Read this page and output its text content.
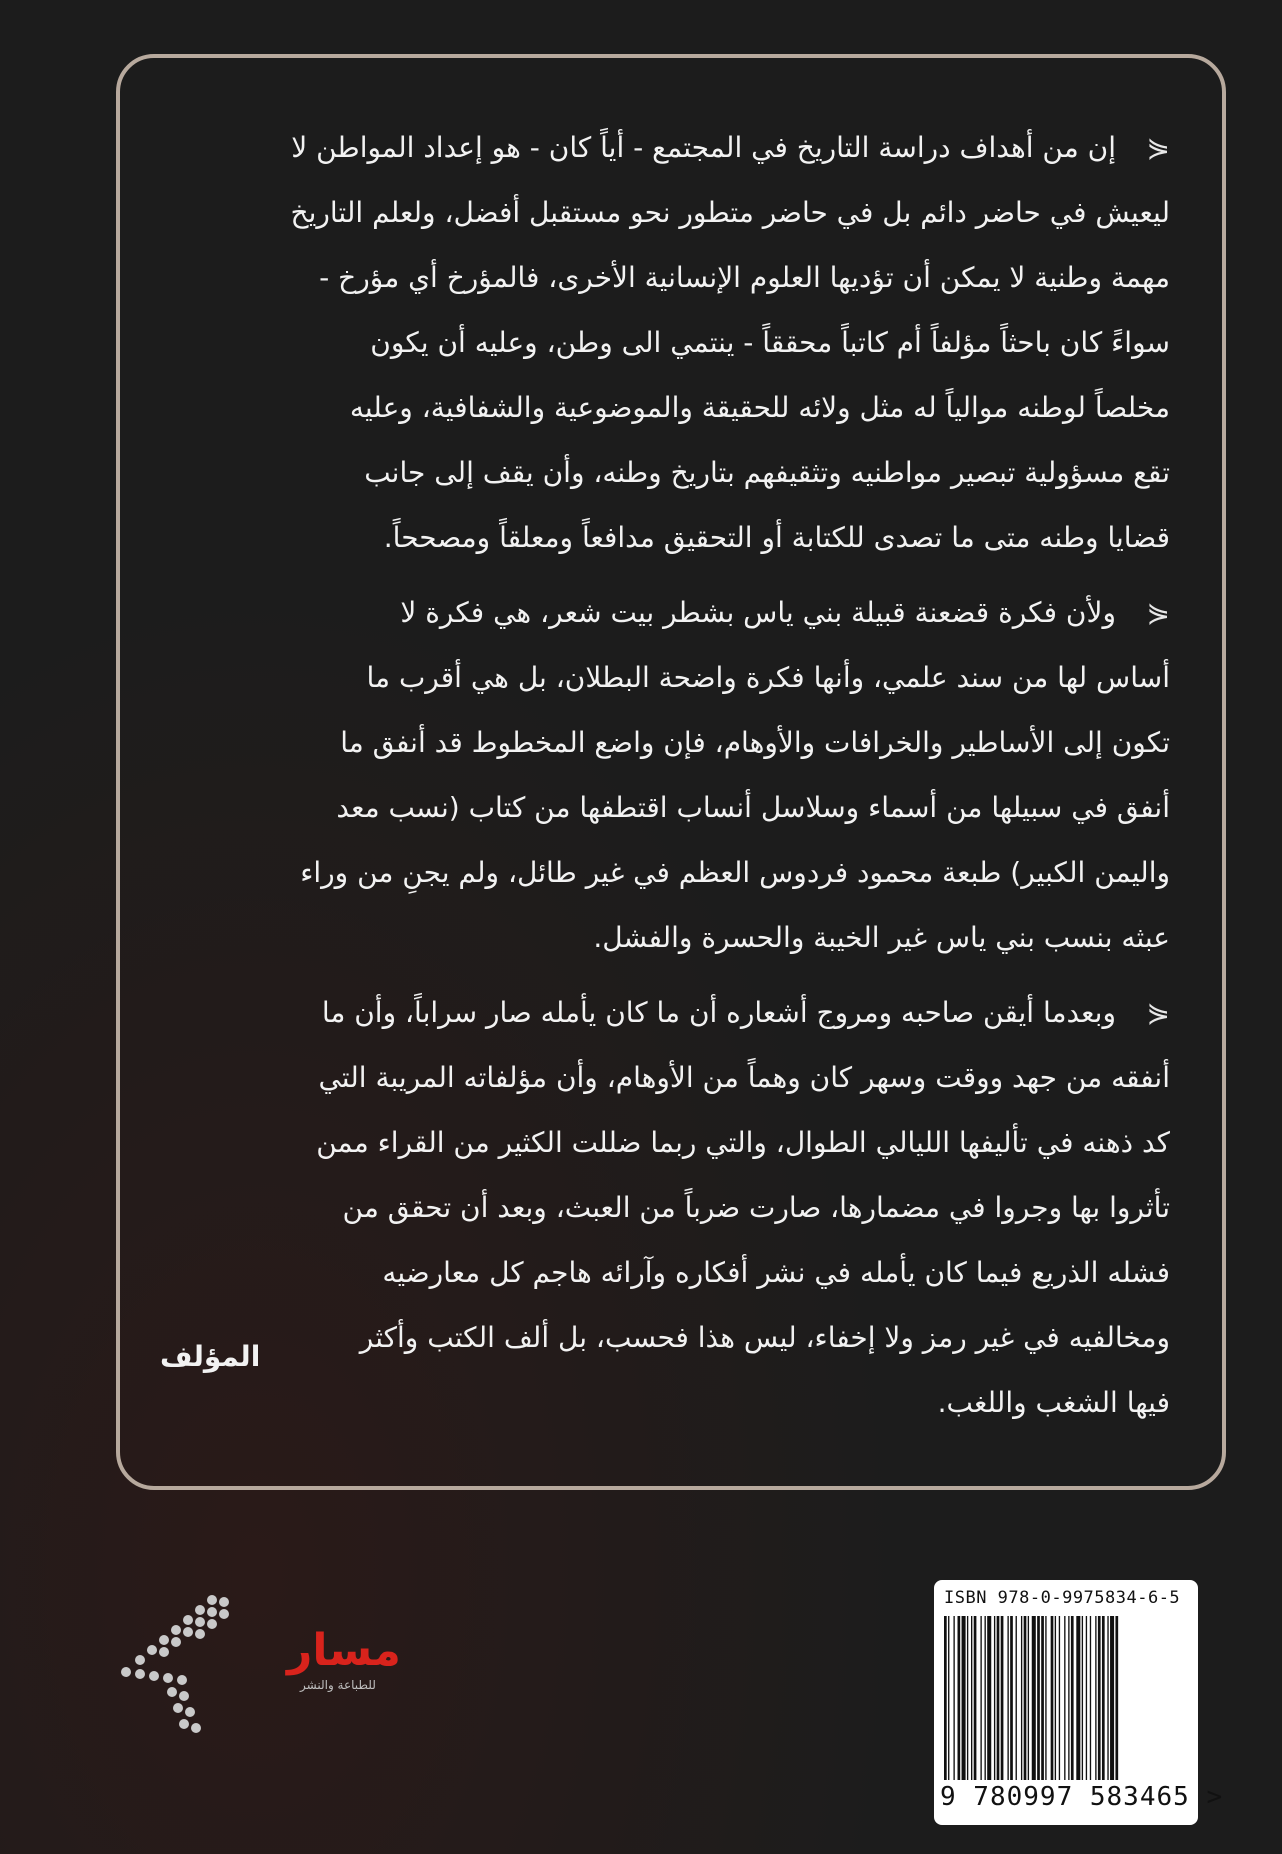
⋞إن من أهداف دراسة التاريخ في المجتمع - أياً كان - هو إعداد المواطن لا
ليعيش في حاضر دائم بل في حاضر متطور نحو مستقبل أفضل، ولعلم التاريخ
مهمة وطنية لا يمكن أن تؤديها العلوم الإنسانية الأخرى، فالمؤرخ أي مؤرخ -
سواءً كان باحثاً مؤلفاً أم كاتباً محققاً - ينتمي الى وطن، وعليه أن يكون
مخلصاً لوطنه موالياً له مثل ولائه للحقيقة والموضوعية والشفافية، وعليه
تقع مسؤولية تبصير مواطنيه وتثقيفهم بتاريخ وطنه، وأن يقف إلى جانب
قضايا وطنه متى ما تصدى للكتابة أو التحقيق مدافعاً ومعلقاً ومصححاً.
⋞ولأن فكرة قضعنة قبيلة بني ياس بشطر بيت شعر، هي فكرة لا
أساس لها من سند علمي، وأنها فكرة واضحة البطلان، بل هي أقرب ما
تكون إلى الأساطير والخرافات والأوهام، فإن واضع المخطوط قد أنفق ما
أنفق في سبيلها من أسماء وسلاسل أنساب اقتطفها من كتاب (نسب معد
واليمن الكبير) طبعة محمود فردوس العظم في غير طائل، ولم يجنِ من وراء
عبثه بنسب بني ياس غير الخيبة والحسرة والفشل.
⋞وبعدما أيقن صاحبه ومروج أشعاره أن ما كان يأمله صار سراباً، وأن ما
أنفقه من جهد ووقت وسهر كان وهماً من الأوهام، وأن مؤلفاته المريبة التي
كد ذهنه في تأليفها الليالي الطوال، والتي ربما ضللت الكثير من القراء ممن
تأثروا بها وجروا في مضمارها، صارت ضرباً من العبث، وبعد أن تحقق من
فشله الذريع فيما كان يأمله في نشر أفكاره وآرائه هاجم كل معارضيه
ومخالفيه في غير رمز ولا إخفاء، ليس هذا فحسب، بل ألف الكتب وأكثر
فيها الشغب واللغب.
المؤلف
مسار
للطباعة والنشر
ISBN 978-0-9975834-6-5
9 780997 583465 >
